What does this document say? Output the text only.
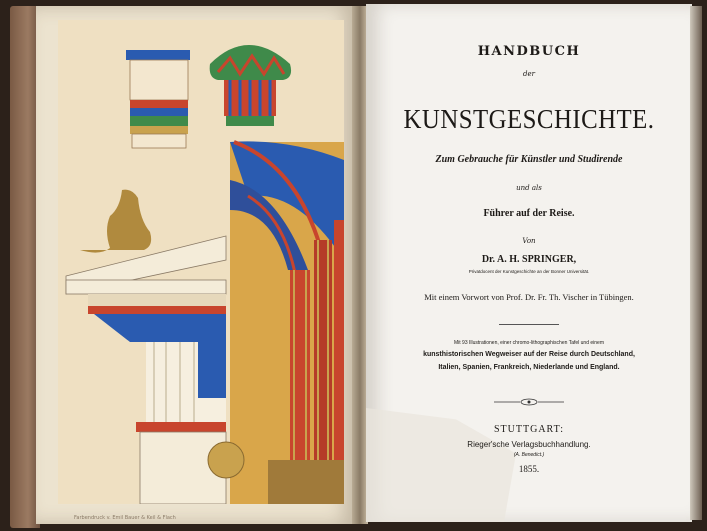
Farbendruck v. Emil Bauer & Keil & Flach
HANDBUCH
der
KUNSTGESCHICHTE.
Zum Gebrauche für Künstler und Studirende
und als
Führer auf der Reise.
Von
Dr. A. H. SPRINGER,
Privatdocent der Kunstgeschichte an der Bonner Universität.
Mit einem Vorwort von Prof. Dr. Fr. Th. Vischer in Tübingen.
Mit 93 Illustrationen, einer chromo-lithographischen Tafel und einem
kunsthistorischen Wegweiser auf der Reise durch Deutschland,
Italien, Spanien, Frankreich, Niederlande und England.
STUTTGART:
Rieger'sche Verlagsbuchhandlung.
(A. Benedict.)
1855.
